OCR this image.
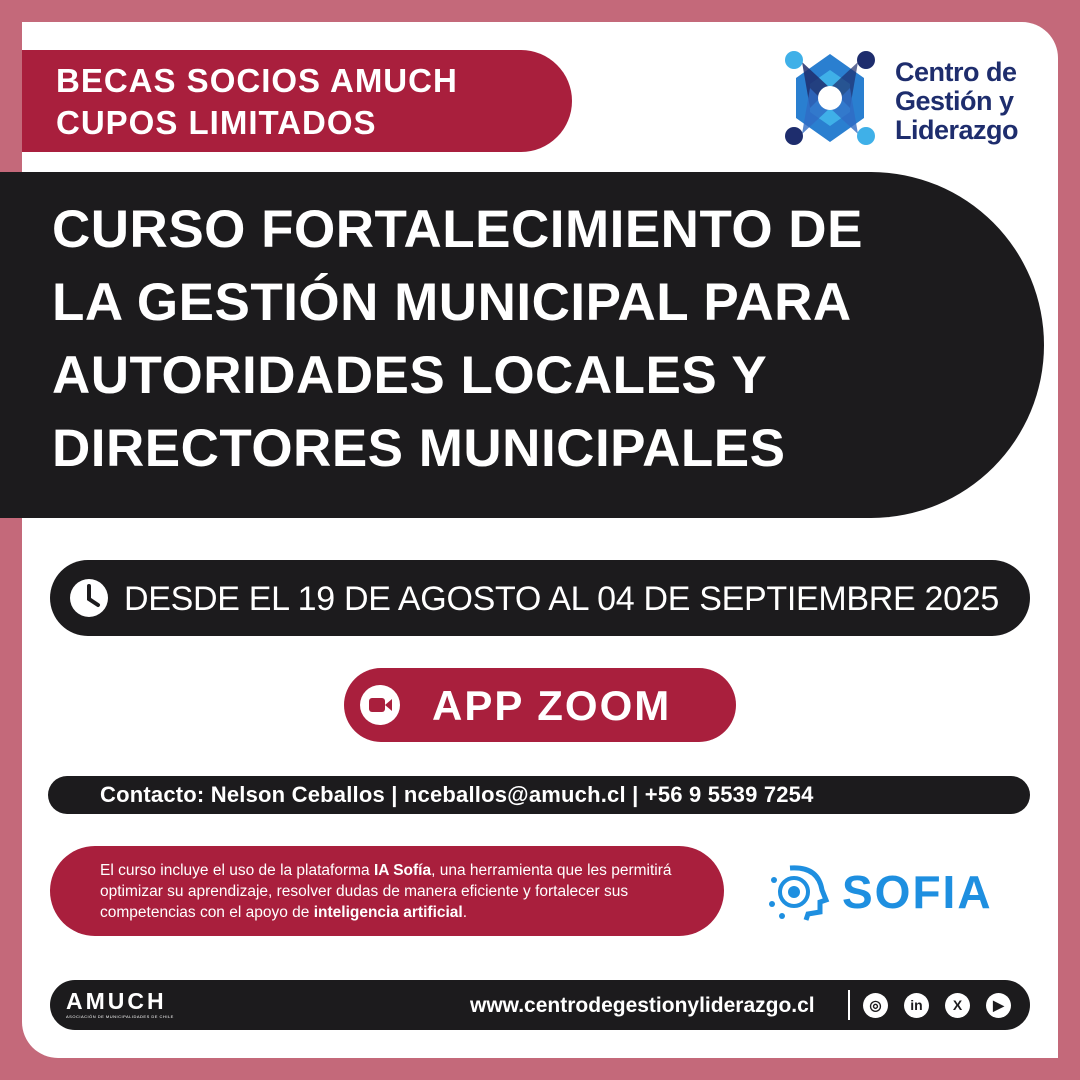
BECAS SOCIOS AMUCH
CUPOS LIMITADOS
Centro de
Gestión y
Liderazgo
CURSO FORTALECIMIENTO DE
LA GESTIÓN MUNICIPAL PARA
AUTORIDADES LOCALES Y
DIRECTORES MUNICIPALES
DESDE EL 19 DE AGOSTO AL 04 DE SEPTIEMBRE 2025
APP ZOOM
Contacto: Nelson Ceballos | nceballos@amuch.cl | +56 9 5539 7254
El curso incluye el uso de la plataforma IA Sofía, una herramienta que les permitirá optimizar su aprendizaje, resolver dudas de manera eficiente y fortalecer sus competencias con el apoyo de inteligencia artificial.	SOFIA
AMUCH
ASOCIACIÓN DE MUNICIPALIDADES DE CHILE	www.centrodegestionyliderazgo.cl	◎	in	X	▶
